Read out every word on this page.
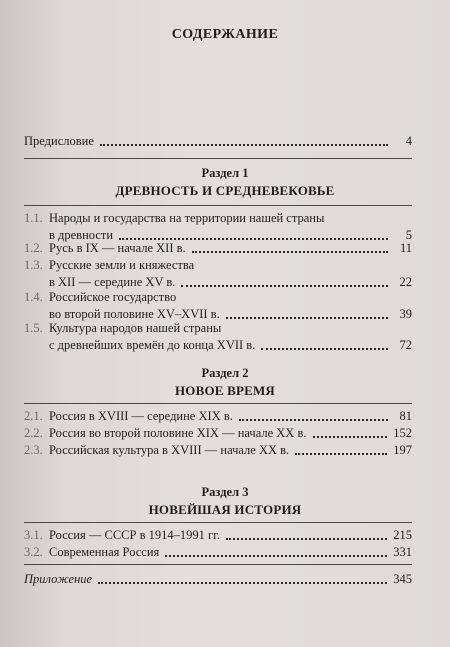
СОДЕРЖАНИЕ
Предисловие	4
Раздел 1
ДРЕВНОСТЬ И СРЕДНЕВЕКОВЬЕ
1.1. Народы и государства на территории нашей страны
в древности	5
1.2. Русь в IX — начале XII в.	11
1.3. Русские земли и княжества
в XII — середине XV в.	22
1.4. Российское государство
во второй половине XV–XVII в.	39
1.5. Культура народов нашей страны
с древнейших времён до конца XVII в.	72
Раздел 2
НОВОЕ ВРЕМЯ
2.1. Россия в XVIII — середине XIX в.	81
2.2. Россия во второй половине XIX — начале XX в.	152
2.3. Российская культура в XVIII — начале XX в.	197
Раздел 3
НОВЕЙШАЯ ИСТОРИЯ
3.1. Россия — СССР в 1914–1991 гг.	215
3.2. Современная Россия	331
Приложение	345
